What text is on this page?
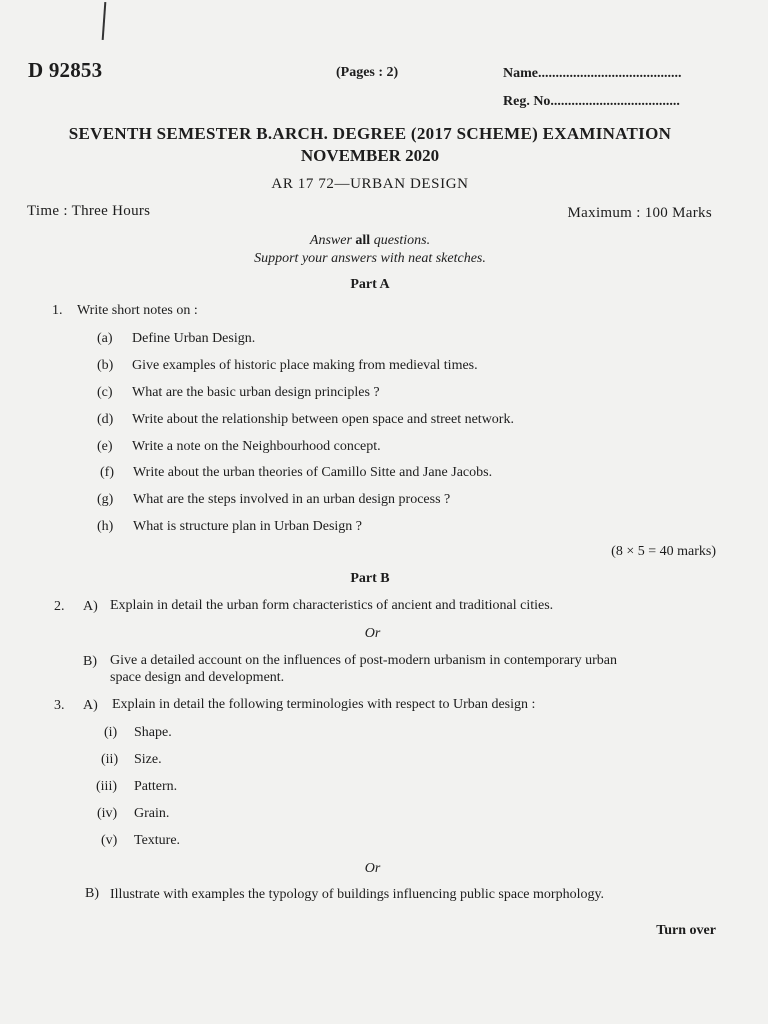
D 92853	(Pages : 2)	Name.........................................
Reg. No.....................................
SEVENTH SEMESTER B.ARCH. DEGREE (2017 SCHEME) EXAMINATION
NOVEMBER 2020
AR 17 72—URBAN DESIGN
Time : Three Hours	Maximum : 100 Marks
Answer all questions.
Support your answers with neat sketches.
Part A
1. Write short notes on :
(a) Define Urban Design.
(b) Give examples of historic place making from medieval times.
(c) What are the basic urban design principles ?
(d) Write about the relationship between open space and street network.
(e) Write a note on the Neighbourhood concept.
(f) Write about the urban theories of Camillo Sitte and Jane Jacobs.
(g) What are the steps involved in an urban design process ?
(h) What is structure plan in Urban Design ?
(8 × 5 = 40 marks)
Part B
2. A) Explain in detail the urban form characteristics of ancient and traditional cities.
Or
B) Give a detailed account on the influences of post-modern urbanism in contemporary urban
space design and development.
3. A) Explain in detail the following terminologies with respect to Urban design :
(i) Shape.
(ii) Size.
(iii) Pattern.
(iv) Grain.
(v) Texture.
Or
B) Illustrate with examples the typology of buildings influencing public space morphology.
Turn over
